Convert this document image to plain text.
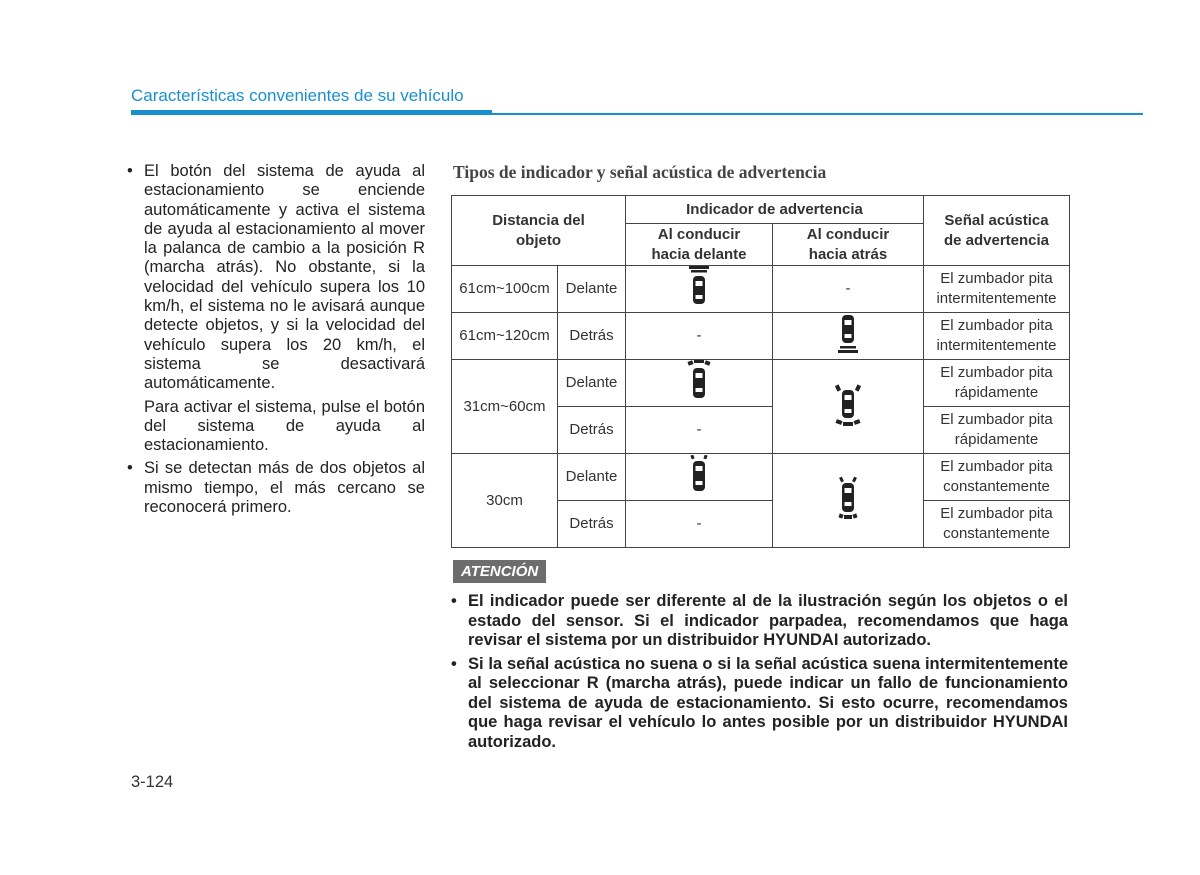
Características convenientes de su vehículo
• El botón del sistema de ayuda al estacionamiento se enciende automáticamente y activa el sistema de ayuda al estacionamiento al mover la palanca de cambio a la posición R (marcha atrás). No obstante, si la velocidad del vehículo supera los 10 km/h, el sistema no le avisará aunque detecte objetos, y si la velocidad del vehículo supera los 20 km/h, el sistema se desactivará automáticamente.

Para activar el sistema, pulse el botón del sistema de ayuda al estacionamiento.

• Si se detectan más de dos objetos al mismo tiempo, el más cercano se reconocerá primero.
Tipos de indicador y señal acústica de advertencia
Distancia del objeto		Indicador de advertencia		Señal acústica de advertencia
		Al conducir hacia delante	Al conducir hacia atrás	
61cm~100cm	Delante		-	El zumbador pita intermitentemente
61cm~120cm	Detrás	-		El zumbador pita intermitentemente
31cm~60cm	Delante			El zumbador pita rápidamente
	Detrás	-		El zumbador pita rápidamente
30cm	Delante			El zumbador pita constantemente
	Detrás	-		El zumbador pita constantemente
ATENCIÓN
• El indicador puede ser diferente al de la ilustración según los objetos o el estado del sensor. Si el indicador parpadea, recomendamos que haga revisar el sistema por un distribuidor HYUNDAI autorizado.
• Si la señal acústica no suena o si la señal acústica suena intermitentemente al seleccionar R (marcha atrás), puede indicar un fallo de funcionamiento del sistema de ayuda de estacionamiento. Si esto ocurre, recomendamos que haga revisar el vehículo lo antes posible por un distribuidor HYUNDAI autorizado.
3-124
